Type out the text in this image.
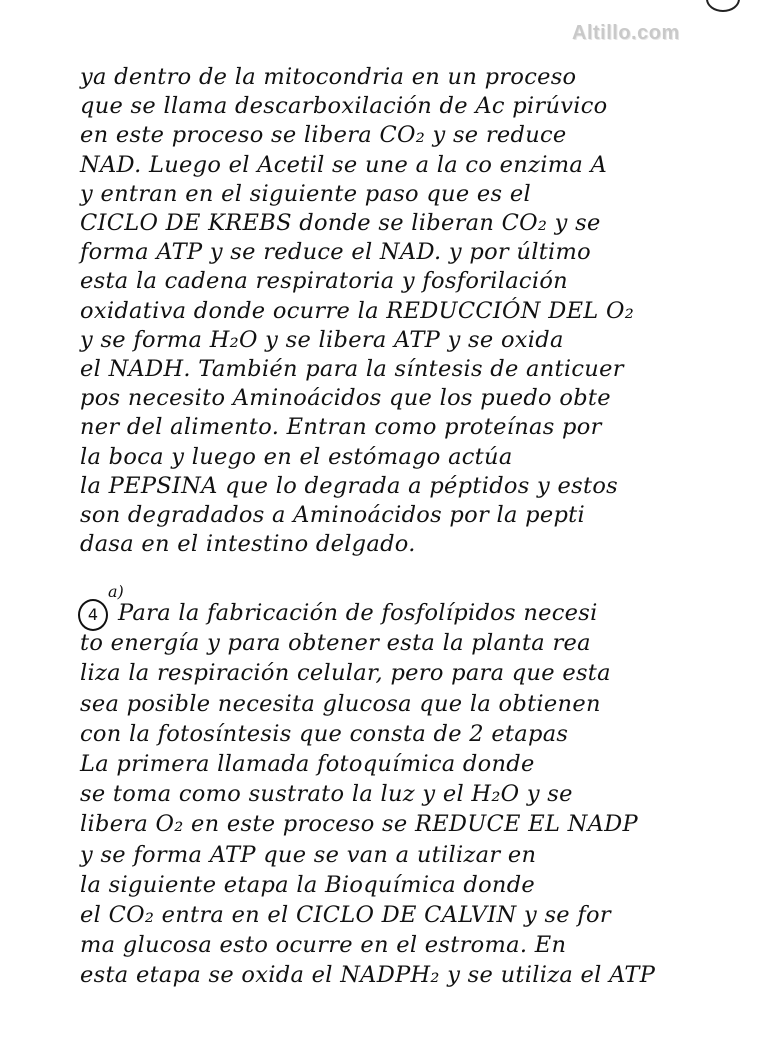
Altillo.com
ya dentro de la mitocondria en un proceso
que se llama descarboxilación de Ac pirúvico
en este proceso se libera CO₂ y se reduce
NAD. Luego el Acetil se une a la co enzima A
y entran en el siguiente paso que es el
CICLO DE KREBS donde se liberan CO₂ y se
forma ATP y se reduce el NAD. y por último
esta la cadena respiratoria y fosforilación
oxidativa donde ocurre la REDUCCIÓN DEL O₂
y se forma H₂O y se libera ATP y se oxida
el NADH. También para la síntesis de anticuer
pos necesito Aminoácidos que los puedo obte
ner del alimento. Entran como proteínas por
la boca y luego en el estómago actúa
la PEPSINA que lo degrada a péptidos y estos
son degradados a Aminoácidos por la pepti
dasa en el intestino delgado.
4
a)
Para la fabricación de fosfolípidos necesi
to energía y para obtener esta la planta rea
liza la respiración celular, pero para que esta
sea posible necesita glucosa que la obtienen
con la fotosíntesis que consta de 2 etapas
La primera llamada fotoquímica donde
se toma como sustrato la luz y el H₂O y se
libera O₂ en este proceso se REDUCE EL NADP
y se forma ATP que se van a utilizar en
la siguiente etapa la Bioquímica donde
el CO₂ entra en el CICLO DE CALVIN y se for
ma glucosa esto ocurre en el estroma. En
esta etapa se oxida el NADPH₂ y se utiliza el ATP
